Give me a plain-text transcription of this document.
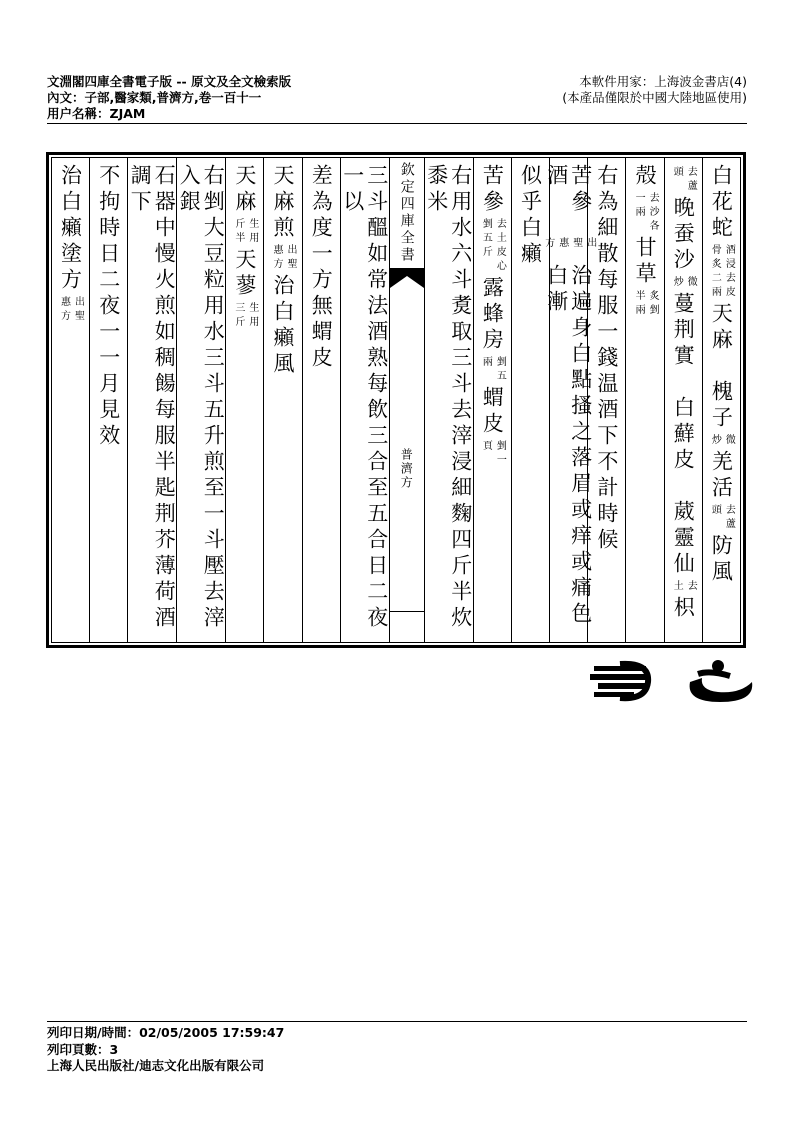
文淵閣四庫全書電子版 -- 原文及全文檢索版
內文：子部,醫家類,普濟方,卷一百十一
用户名稱：ZJAM
本軟件用家：上海波金書店(4)
(本產品僅限於中國大陸地區使用)
白花蛇
酒浸去皮骨炙二兩
天麻　槐子
微炒
羌活
去蘆頭
防風
去蘆頭
晚蚕沙
微炒
蔓荆實　白蘚皮　葳靈仙
去土
枳
殻
去沙各一兩
甘草
炙剉半兩
右為細散每服一錢温酒下不計時候
苦參酒
出聖惠方
治遍身白點搔之落眉或痒或痛色白漸
似乎白癩
苦參
去土皮心剉五斤
露蜂房
剉五兩
蝟皮
剉一頁
右用水六斗煑取三斗去滓浸細麴四斤半炊黍米
欽定四庫全書
普濟方
三斗醞如常法酒熟每飲三合至五合日二夜一以
差為度一方無蝟皮
天麻煎
出聖惠方
治白癩風
天麻
生用斤半
天蓼
生用三斤
右剉大豆粒用水三斗五升煎至一斗壓去滓入銀
石器中慢火煎如稠餳每服半匙荆芥薄荷酒調下
不拘時日二夜一一月見效
治白癩塗方
出聖惠方
列印日期/時間：02/05/2005 17:59:47
列印頁數：3
上海人民出版社/迪志文化出版有限公司
